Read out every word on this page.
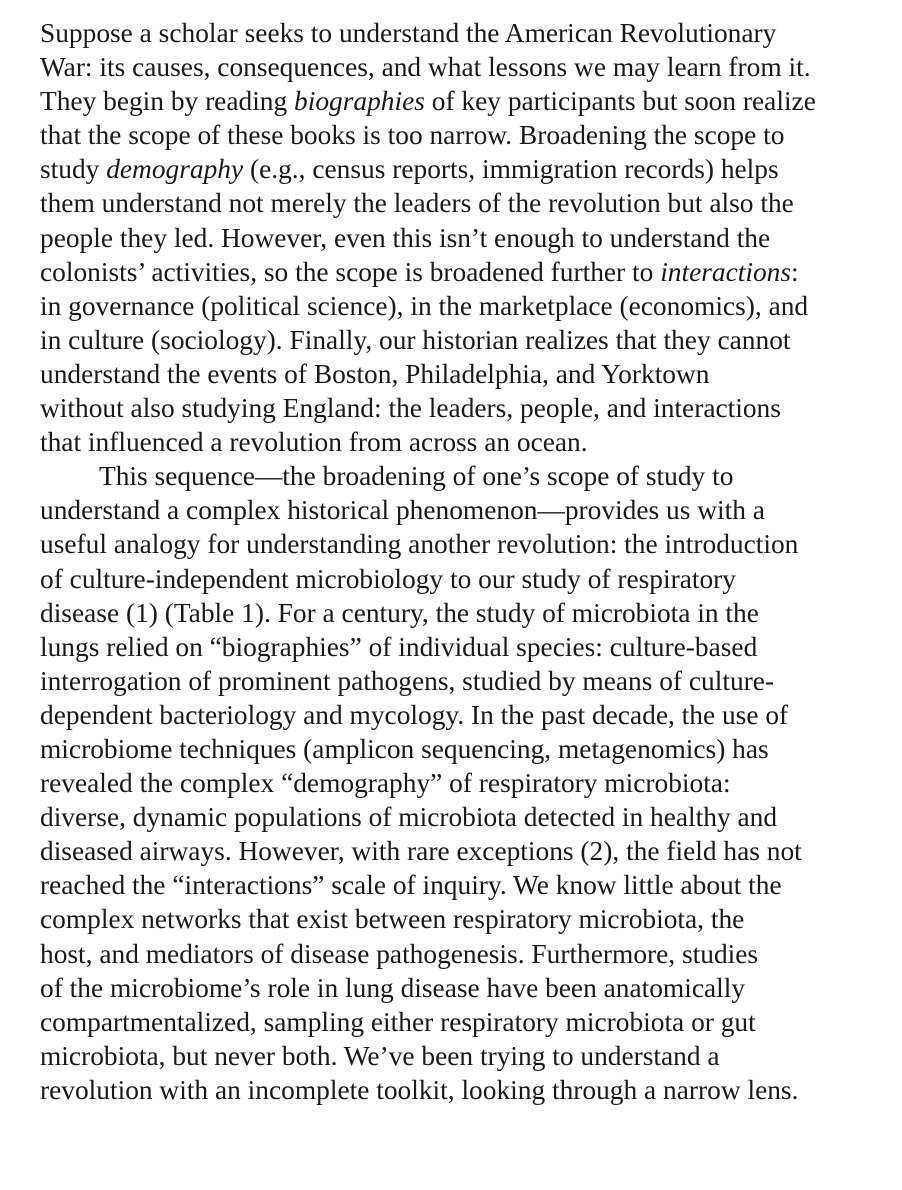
Suppose a scholar seeks to understand the American Revolutionary
War: its causes, consequences, and what lessons we may learn from it.
They begin by reading biographies of key participants but soon realize
that the scope of these books is too narrow. Broadening the scope to
study demography (e.g., census reports, immigration records) helps
them understand not merely the leaders of the revolution but also the
people they led. However, even this isn’t enough to understand the
colonists’ activities, so the scope is broadened further to interactions:
in governance (political science), in the marketplace (economics), and
in culture (sociology). Finally, our historian realizes that they cannot
understand the events of Boston, Philadelphia, and Yorktown
without also studying England: the leaders, people, and interactions
that influenced a revolution from across an ocean.
This sequence—the broadening of one’s scope of study to
understand a complex historical phenomenon—provides us with a
useful analogy for understanding another revolution: the introduction
of culture-independent microbiology to our study of respiratory
disease (1) (Table 1). For a century, the study of microbiota in the
lungs relied on “biographies” of individual species: culture-based
interrogation of prominent pathogens, studied by means of culture-
dependent bacteriology and mycology. In the past decade, the use of
microbiome techniques (amplicon sequencing, metagenomics) has
revealed the complex “demography” of respiratory microbiota:
diverse, dynamic populations of microbiota detected in healthy and
diseased airways. However, with rare exceptions (2), the field has not
reached the “interactions” scale of inquiry. We know little about the
complex networks that exist between respiratory microbiota, the
host, and mediators of disease pathogenesis. Furthermore, studies
of the microbiome’s role in lung disease have been anatomically
compartmentalized, sampling either respiratory microbiota or gut
microbiota, but never both. We’ve been trying to understand a
revolution with an incomplete toolkit, looking through a narrow lens.
